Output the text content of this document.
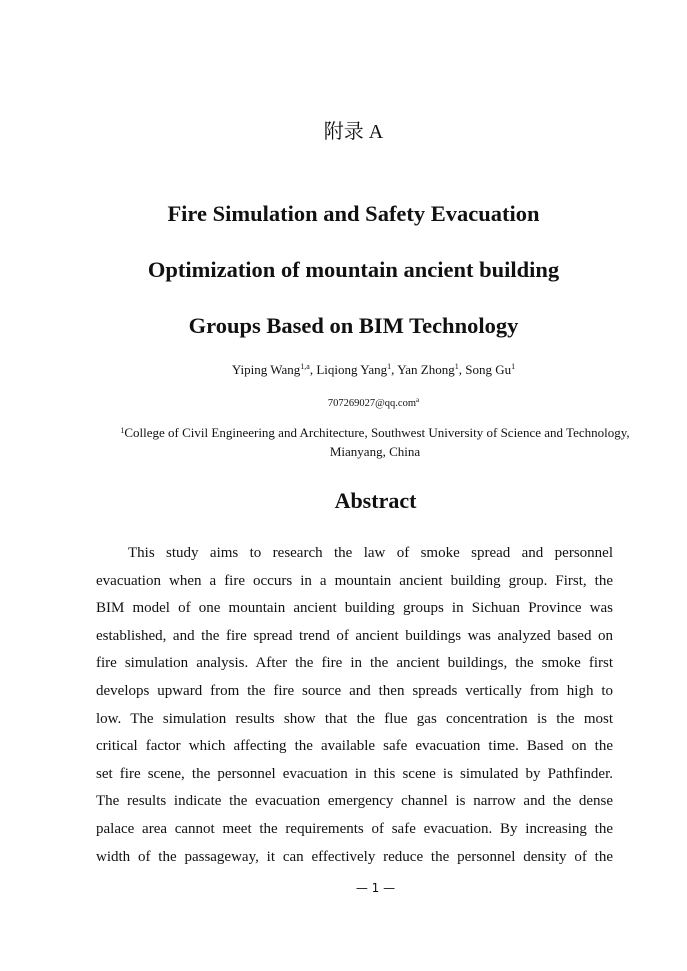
附录 A
Fire Simulation and Safety Evacuation
Optimization of mountain ancient building
Groups Based on BIM Technology
Yiping Wang$^{1,a}$, Liqiong Yang$^1$, Yan Zhong$^1$, Song Gu$^1$
707269027@qq.com$^a$
$^1$College of Civil Engineering and Architecture, Southwest University of Science and Technology, Mianyang, China
Abstract

This study aims to research the law of smoke spread and personnel
evacuation when a fire occurs in a mountain ancient building group. First, the
BIM model of one mountain ancient building groups in Sichuan Province was
established, and the fire spread trend of ancient buildings was analyzed based on
fire simulation analysis. After the fire in the ancient buildings, the smoke first
develops upward from the fire source and then spreads vertically from high to
low. The simulation results show that the flue gas concentration is the most
critical factor which affecting the available safe evacuation time. Based on the
set fire scene, the personnel evacuation in this scene is simulated by Pathfinder.
The results indicate the evacuation emergency channel is narrow and the dense
palace area cannot meet the requirements of safe evacuation. By increasing the
width of the passageway, it can effectively reduce the personnel density of the

— 1 —
